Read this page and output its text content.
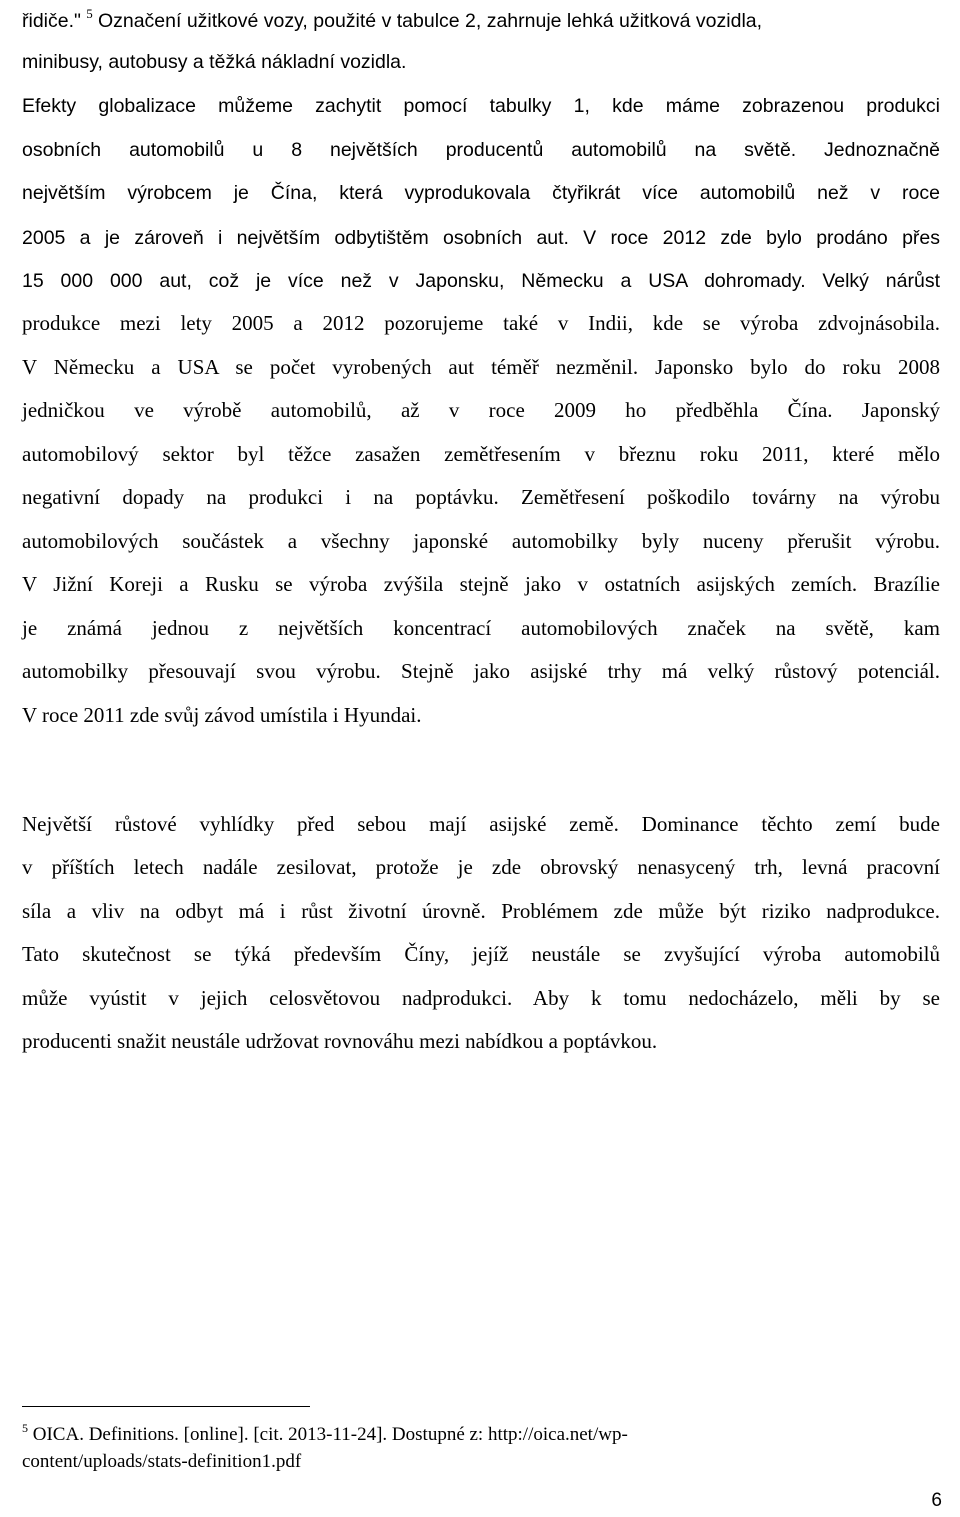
řidiče." $^5$ Označení užitkové vozy, použité v tabulce 2, zahrnuje lehká užitková vozidla,
minibusy, autobusy a těžká nákladní vozidla.
Efekty globalizace můžeme zachytit pomocí tabulky 1, kde máme zobrazenou produkci
osobních automobilů u 8 největších producentů automobilů na světě. Jednoznačně
největším výrobcem je Čína, která vyprodukovala čtyřikrát více automobilů než v roce
2005 a je zároveň i největším odbytištěm osobních aut. V roce 2012 zde bylo prodáno přes
15 000 000 aut, což je více než v Japonsku, Německu a USA dohromady. Velký nárůst
produkce mezi lety 2005 a 2012 pozorujeme také v Indii, kde se výroba zdvojnásobila.
V Německu a USA se počet vyrobených aut téměř nezměnil. Japonsko bylo do roku 2008
jedničkou ve výrobě automobilů, až v roce 2009 ho předběhla Čína. Japonský
automobilový sektor byl těžce zasažen zemětřesením v březnu roku 2011, které mělo
negativní dopady na produkci i na poptávku. Zemětřesení poškodilo továrny na výrobu
automobilových součástek a všechny japonské automobilky byly nuceny přerušit výrobu.
V Jižní Koreji a Rusku se výroba zvýšila stejně jako v ostatních asijských zemích. Brazílie
je známá jednou z největších koncentrací automobilových značek na světě, kam
automobilky přesouvají svou výrobu. Stejně jako asijské trhy má velký růstový potenciál.
V roce 2011 zde svůj závod umístila i Hyundai.
Největší růstové vyhlídky před sebou mají asijské země. Dominance těchto zemí bude
v příštích letech nadále zesilovat, protože je zde obrovský nenasycený trh, levná pracovní
síla a vliv na odbyt má i růst životní úrovně. Problémem zde může být riziko nadprodukce.
Tato skutečnost se týká především Číny, jejíž neustále se zvyšující výroba automobilů
může vyústit v jejich celosvětovou nadprodukci. Aby k tomu nedocházelo, měli by se
producenti snažit neustále udržovat rovnováhu mezi nabídkou a poptávkou.
$^5$ OICA. Definitions. [online]. [cit. 2013-11-24]. Dostupné z: http://oica.net/wp-
content/uploads/stats-definition1.pdf
6
